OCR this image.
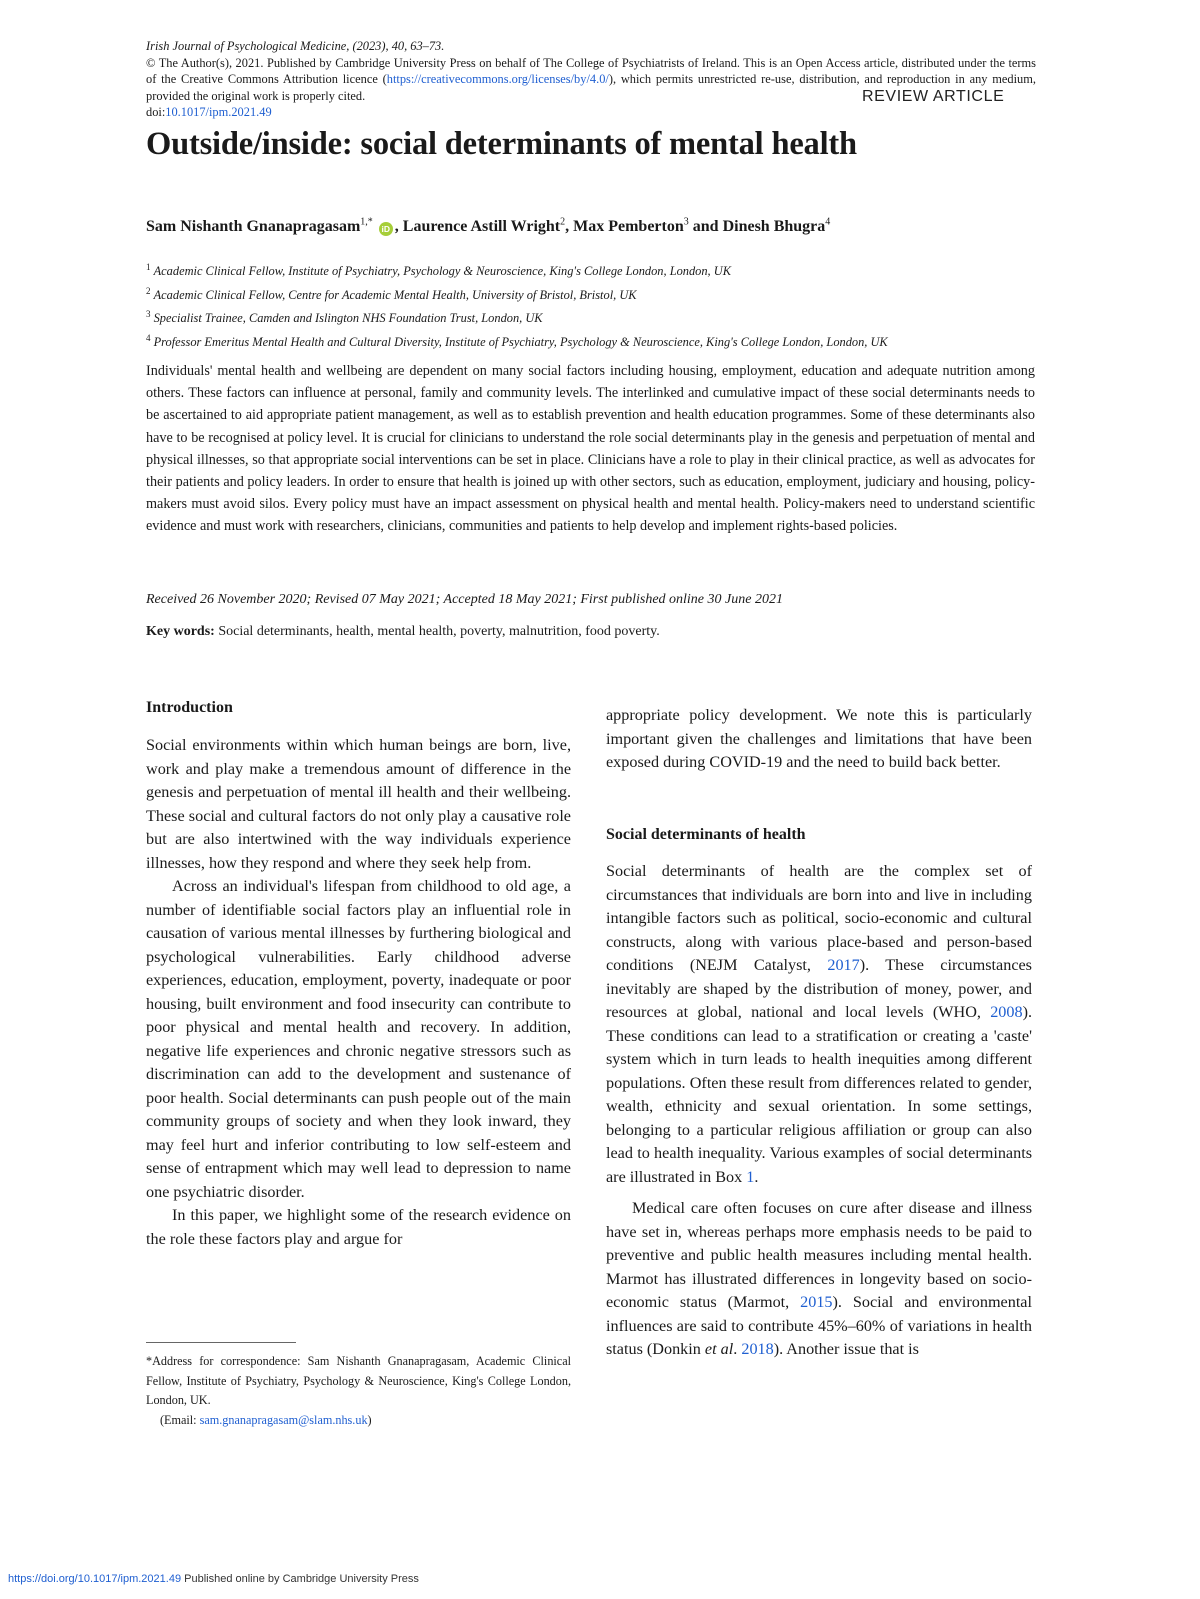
Irish Journal of Psychological Medicine, (2023), 40, 63–73.
© The Author(s), 2021. Published by Cambridge University Press on behalf of The College of Psychiatrists of Ireland. This is an Open Access article, distributed under the terms of the Creative Commons Attribution licence (https://creativecommons.org/licenses/by/4.0/), which permits unrestricted re-use, distribution, and reproduction in any medium, provided the original work is properly cited.
doi:10.1017/ipm.2021.49
REVIEW ARTICLE
Outside/inside: social determinants of mental health
Sam Nishanth Gnanapragasam$^{1,*}$ iD , Laurence Astill Wright$^2$, Max Pemberton$^3$ and Dinesh Bhugra$^4$
$^1$ Academic Clinical Fellow, Institute of Psychiatry, Psychology & Neuroscience, King's College London, London, UK
$^2$ Academic Clinical Fellow, Centre for Academic Mental Health, University of Bristol, Bristol, UK
$^3$ Specialist Trainee, Camden and Islington NHS Foundation Trust, London, UK
$^4$ Professor Emeritus Mental Health and Cultural Diversity, Institute of Psychiatry, Psychology & Neuroscience, King's College London, London, UK

Individuals' mental health and wellbeing are dependent on many social factors including housing, employment, education and adequate nutrition among others. These factors can influence at personal, family and community levels. The interlinked and cumulative impact of these social determinants needs to be ascertained to aid appropriate patient management, as well as to establish prevention and health education programmes. Some of these determinants also have to be recognised at policy level. It is crucial for clinicians to understand the role social determinants play in the genesis and perpetuation of mental and physical illnesses, so that appropriate social interventions can be set in place. Clinicians have a role to play in their clinical practice, as well as advocates for their patients and policy leaders. In order to ensure that health is joined up with other sectors, such as education, employment, judiciary and housing, policy-makers must avoid silos. Every policy must have an impact assessment on physical health and mental health. Policy-makers need to understand scientific evidence and must work with researchers, clinicians, communities and patients to help develop and implement rights-based policies.

Received 26 November 2020; Revised 07 May 2021; Accepted 18 May 2021; First published online 30 June 2021
Key words: Social determinants, health, mental health, poverty, malnutrition, food poverty.
Introduction

Social environments within which human beings are born, live, work and play make a tremendous amount of difference in the genesis and perpetuation of mental ill health and their wellbeing. These social and cultural factors do not only play a causative role but are also intertwined with the way individuals experience illnesses, how they respond and where they seek help from.

Across an individual's lifespan from childhood to old age, a number of identifiable social factors play an influential role in causation of various mental illnesses by furthering biological and psychological vulnerabilities. Early childhood adverse experiences, education, employment, poverty, inadequate or poor housing, built environment and food insecurity can contribute to poor physical and mental health and recovery. In addition, negative life experiences and chronic negative stressors such as discrimination can add to the development and sustenance of poor health. Social determinants can push people out of the main community groups of society and when they look inward, they may feel hurt and inferior contributing to low self-esteem and sense of entrapment which may well lead to depression to name one psychiatric disorder.

In this paper, we highlight some of the research evidence on the role these factors play and argue for

*Address for correspondence: Sam Nishanth Gnanapragasam, Academic Clinical Fellow, Institute of Psychiatry, Psychology & Neuroscience, King's College London, London, UK.

(Email: sam.gnanapragasam@slam.nhs.uk)

appropriate policy development. We note this is particularly important given the challenges and limitations that have been exposed during COVID-19 and the need to build back better.

Social determinants of health

Social determinants of health are the complex set of circumstances that individuals are born into and live in including intangible factors such as political, socio-economic and cultural constructs, along with various place-based and person-based conditions (NEJM Catalyst, 2017). These circumstances inevitably are shaped by the distribution of money, power, and resources at global, national and local levels (WHO, 2008). These conditions can lead to a stratification or creating a 'caste' system which in turn leads to health inequities among different populations. Often these result from differences related to gender, wealth, ethnicity and sexual orientation. In some settings, belonging to a particular religious affiliation or group can also lead to health inequality. Various examples of social determinants are illustrated in Box 1.

Medical care often focuses on cure after disease and illness have set in, whereas perhaps more emphasis needs to be paid to preventive and public health measures including mental health. Marmot has illustrated differences in longevity based on socio-economic status (Marmot, 2015). Social and environmental influences are said to contribute 45%–60% of variations in health status (Donkin et al. 2018). Another issue that is

https://doi.org/10.1017/ipm.2021.49 Published online by Cambridge University Press
